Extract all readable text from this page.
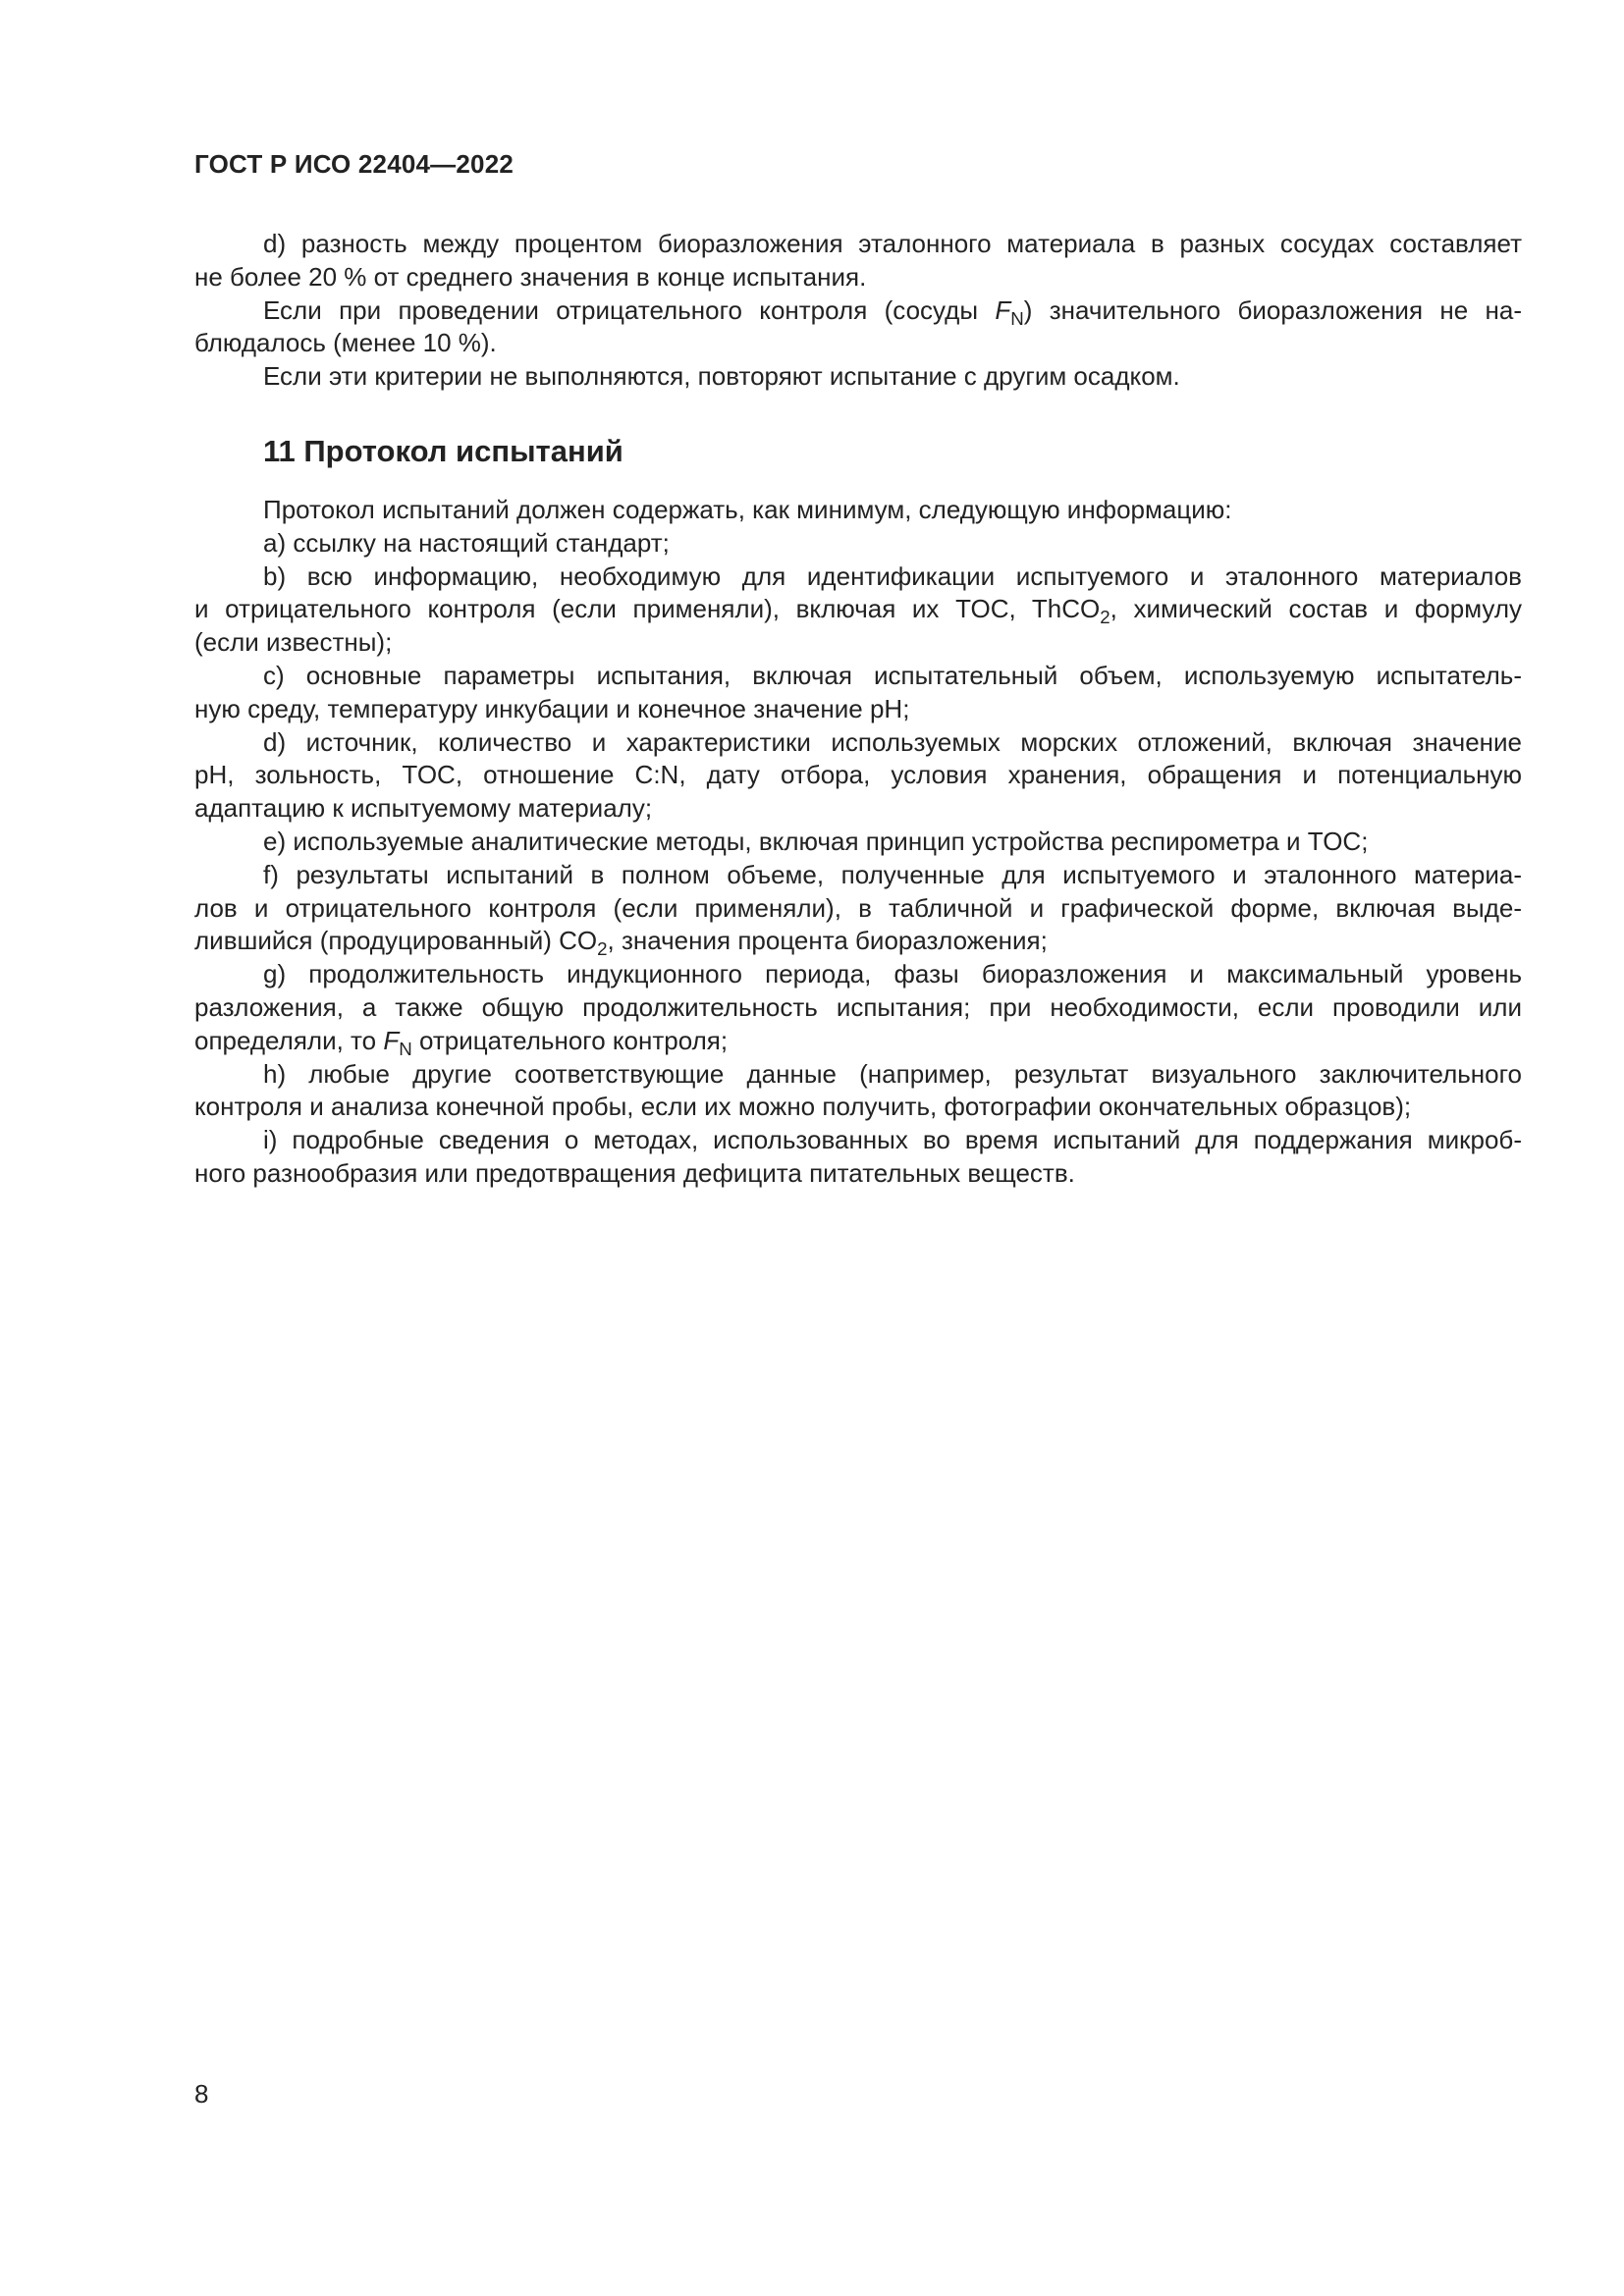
ГОСТ Р ИСО 22404—2022
d) разность между процентом биоразложения эталонного материала в разных сосудах составляет
не более 20 % от среднего значения в конце испытания.
Если при проведении отрицательного контроля (сосуды $F_N$) значительного биоразложения не на-
блюдалось (менее 10 %).
Если эти критерии не выполняются, повторяют испытание с другим осадком.
11 Протокол испытаний
Протокол испытаний должен содержать, как минимум, следующую информацию:
a) ссылку на настоящий стандарт;
b) всю информацию, необходимую для идентификации испытуемого и эталонного материалов
и отрицательного контроля (если применяли), включая их TOC, ThCO$_2$, химический состав и формулу
(если известны);
c) основные параметры испытания, включая испытательный объем, используемую испытатель-
ную среду, температуру инкубации и конечное значение pH;
d) источник, количество и характеристики используемых морских отложений, включая значение
pH, зольность, TOC, отношение C:N, дату отбора, условия хранения, обращения и потенциальную
адаптацию к испытуемому материалу;
e) используемые аналитические методы, включая принцип устройства респирометра и TOC;
f) результаты испытаний в полном объеме, полученные для испытуемого и эталонного материа-
лов и отрицательного контроля (если применяли), в табличной и графической форме, включая выде-
лившийся (продуцированный) $CO_2$, значения процента биоразложения;
g) продолжительность индукционного периода, фазы биоразложения и максимальный уровень
разложения, а также общую продолжительность испытания; при необходимости, если проводили или
определяли, то $F_N$ отрицательного контроля;
h) любые другие соответствующие данные (например, результат визуального заключительного
контроля и анализа конечной пробы, если их можно получить, фотографии окончательных образцов);
i) подробные сведения о методах, использованных во время испытаний для поддержания микроб-
ного разнообразия или предотвращения дефицита питательных веществ.
8
